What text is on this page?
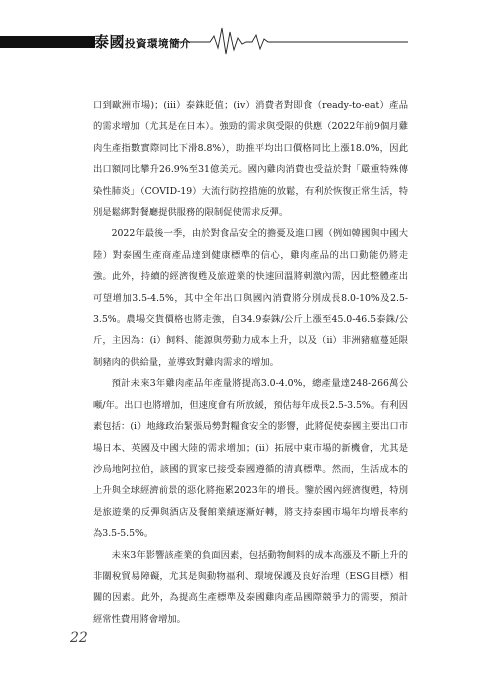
泰國投資環境簡介

口到歐洲市場)；(iii）泰銖貶值；(iv）消費者對即食（ready-to-eat）產品的需求增加（尤其是在日本）。強勁的需求與受限的供應（2022年前9個月雞肉生產指數實際同比下滑8.8%），助推平均出口價格同比上漲18.0%，因此出口額同比攀升26.9%至31億美元。國內雞肉消費也受益於對「嚴重特殊傳染性肺炎」（COVID-19）大流行防控措施的放鬆，有利於恢復正常生活，特別是鬆綁對餐廳提供服務的限制促使需求反彈。

2022年最後一季，由於對食品安全的擔憂及進口國（例如韓國與中國大陸）對泰國生產商產品達到健康標準的信心，雞肉產品的出口動能仍將走強。此外，持續的經濟復甦及旅遊業的快速回溫將刺激內需，因此整體產出可望增加3.5-4.5%，其中全年出口與國內消費將分別成長8.0-10%及2.5-3.5%。農場交貨價格也將走強，自34.9泰銖/公斤上漲至45.0-46.5泰銖/公斤，主因為：(i）飼料、能源與勞動力成本上升，以及（ii）非洲豬瘟蔓延限制豬肉的供給量，並導致對雞肉需求的增加。

預計未來3年雞肉產品年產量將提高3.0-4.0%，總產量達248-266萬公噸/年。出口也將增加，但速度會有所放緩，預估每年成長2.5-3.5%。有利因素包括：(i）地緣政治緊張局勢對糧食安全的影響，此將促使泰國主要出口市場日本、英國及中國大陸的需求增加；(ii）拓展中東市場的新機會，尤其是沙烏地阿拉伯，該國的買家已接受泰國遵循的清真標準。然而，生活成本的上升與全球經濟前景的惡化將拖累2023年的增長。鑒於國內經濟復甦，特別是旅遊業的反彈與酒店及餐館業績逐漸好轉，將支持泰國市場年均增長率約為3.5-5.5%。

未來3年影響該產業的負面因素，包括動物飼料的成本高漲及不斷上升的非關稅貿易障礙，尤其是與動物福利、環境保護及良好治理（ESG目標）相關的因素。此外，為提高生產標準及泰國雞肉產品國際競爭力的需要，預計經常性費用將會增加。

22
